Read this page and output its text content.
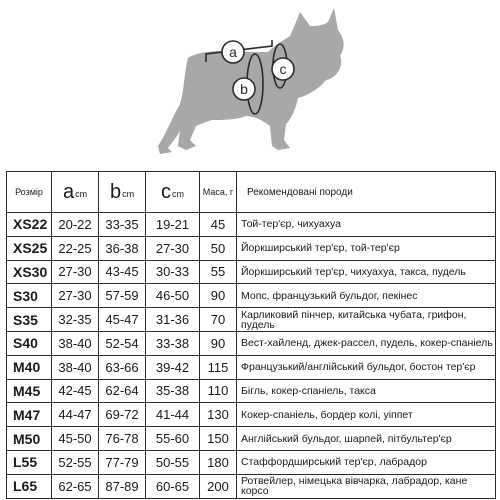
a
b
c
Розмір	acm	bcm	ccm	Маса, г	Рекомендовані породи
XS22	20-22	33-35	19-21	45	Той-тер'єр, чихуахуа
XS25	22-25	36-38	27-30	50	Йоркширський тер'єр, той-тер'єр
XS30	27-30	43-45	30-33	55	Йоркширський тер'єр, чихуахуа, такса, пудель
S30	27-30	57-59	46-50	90	Мопс, французький бульдог, пекінес
S35	32-35	45-47	31-36	70	Карликовий пінчер, китайська чубата, грифон, пудель
S40	38-40	52-54	33-38	90	Вест-хайленд, джек-рассел, пудель, кокер-спаніель
M40	38-40	63-66	39-42	115	Французький/англійський бульдог, бостон тер'єр
M45	42-45	62-64	35-38	110	Бігль, кокер-спаніель, такса
M47	44-47	69-72	41-44	130	Кокер-спаніель, бордер колі, уіппет
M50	45-50	76-78	55-60	150	Англійський бульдог, шарпей, пітбультер'єр
L55	52-55	77-79	50-55	180	Стаффордширський тер'єр, лабрадор
L65	62-65	87-89	60-65	200	Ротвейлер, німецька вівчарка, лабрадор, кане корсо
